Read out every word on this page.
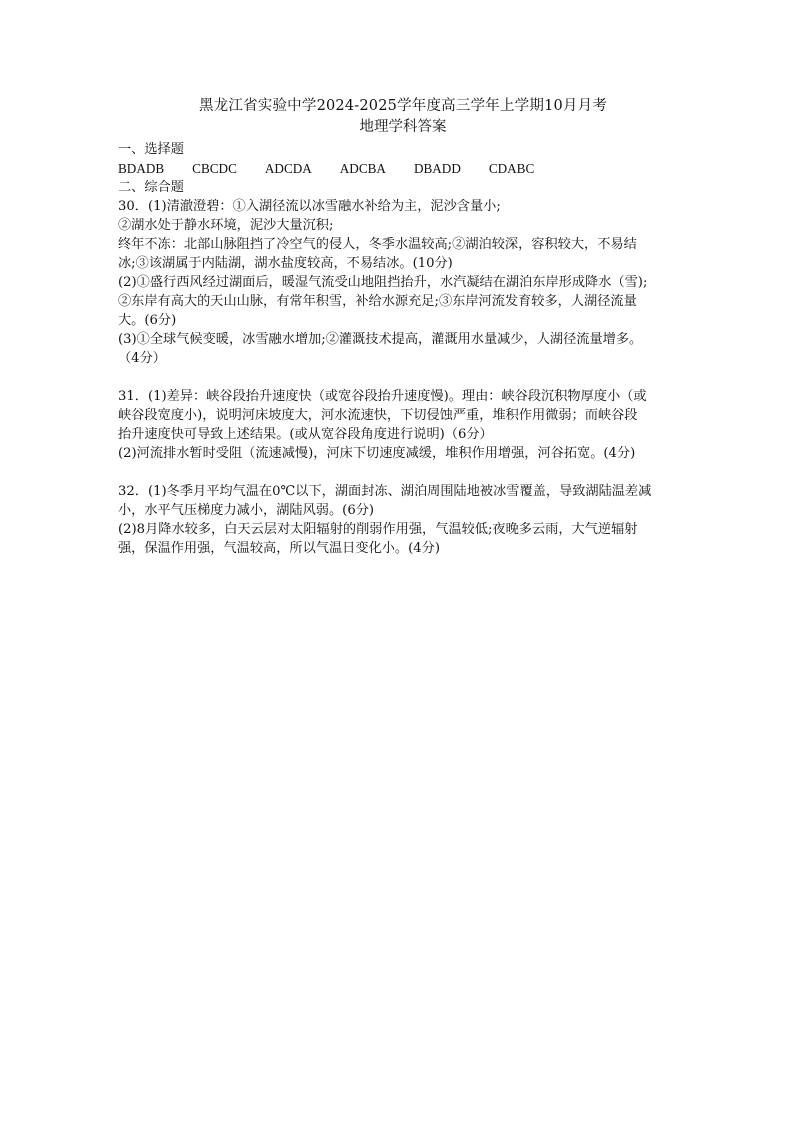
黑龙江省实验中学2024-2025学年度高三学年上学期10月月考

地理学科答案

一、选择题

BDADB CBCDC ADCDA ADCBA DBADD CDABC

二、综合题

30．(1)清澈澄碧：①入湖径流以冰雪融水补给为主，泥沙含量小;

②湖水处于静水环境，泥沙大量沉积;

终年不冻：北部山脉阻挡了冷空气的侵人，冬季水温较高;②湖泊较深，容积较大，不易结

冰;③该湖属于内陆湖，湖水盐度较高，不易结冰。(10分)

(2)①盛行西风经过湖面后，暖湿气流受山地阻挡抬升，水汽凝结在湖泊东岸形成降水（雪);

②东岸有高大的天山山脉，有常年积雪，补给水源充足;③东岸河流发育较多，人湖径流量

大。(6分)

(3)①全球气候变暖，冰雪融水增加;②灌溉技术提高，灌溉用水量减少，人湖径流量增多。

（4分）

31．(1)差异：峡谷段抬升速度快（或宽谷段抬升速度慢)。理由：峡谷段沉积物厚度小（或

峡谷段宽度小)，说明河床坡度大，河水流速快，下切侵蚀严重，堆积作用微弱；而峡谷段

抬升速度快可导致上述结果。(或从宽谷段角度进行说明)（6分）

(2)河流排水暂时受阻（流速减慢)，河床下切速度减缓，堆积作用增强，河谷拓宽。(4分)

32．(1)冬季月平均气温在0℃以下，湖面封冻、湖泊周围陆地被冰雪覆盖，导致湖陆温差减

小，水平气压梯度力减小，湖陆风弱。(6分)

(2)8月降水较多，白天云层对太阳辐射的削弱作用强，气温较低;夜晚多云雨，大气逆辐射

强，保温作用强，气温较高，所以气温日变化小。(4分)
